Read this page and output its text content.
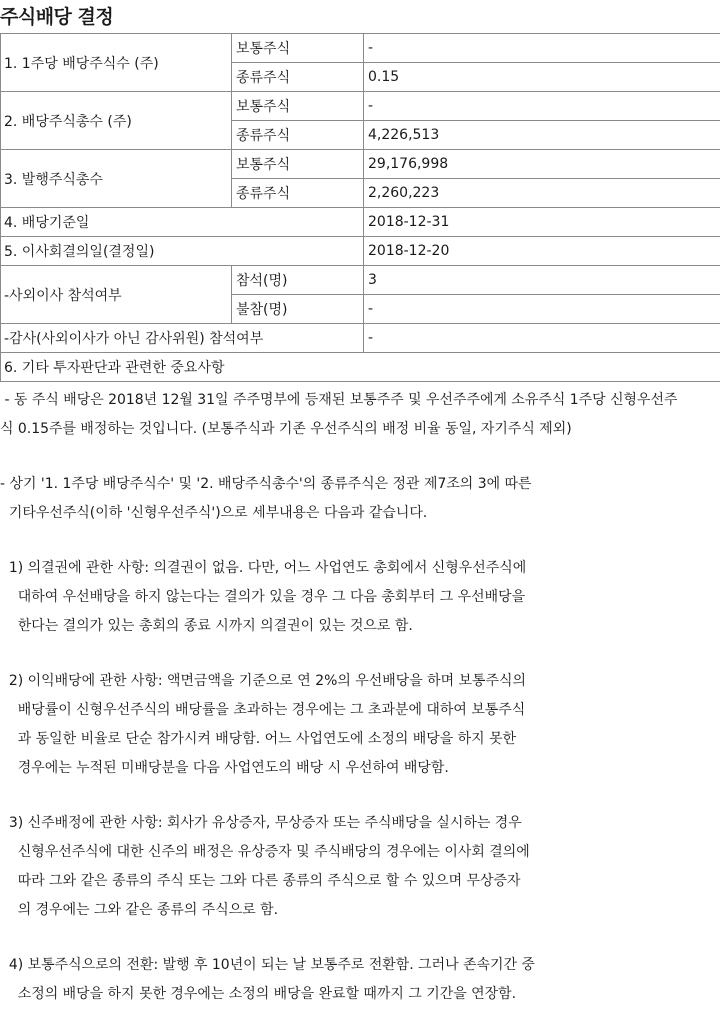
주식배당 결정
1. 1주당 배당주식수 (주)	보통주식	-
	종류주식	0.15
2. 배당주식총수 (주)	보통주식	-
	종류주식	4,226,513
3. 발행주식총수	보통주식	29,176,998
	종류주식	2,260,223
4. 배당기준일		2018-12-31
5. 이사회결의일(결정일)		2018-12-20
-사외이사 참석여부	참석(명)	3
	불참(명)	-
-감사(사외이사가 아닌 감사위원) 참석여부		-
6. 기타 투자판단과 관련한 중요사항		

- 동 주식 배당은 2018년 12월 31일 주주명부에 등재된 보통주주 및 우선주주에게 소유주식 1주당 신형우선주
식 0.15주를 배정하는 것입니다. (보통주식과 기존 우선주식의 배정 비율 동일, 자기주식 제외)

- 상기 '1. 1주당 배당주식수' 및 '2. 배당주식총수'의 종류주식은 정관 제7조의 3에 따른
기타우선주식(이하 '신형우선주식')으로 세부내용은 다음과 같습니다.

1) 의결권에 관한 사항: 의결권이 없음. 다만, 어느 사업연도 총회에서 신형우선주식에
대하여 우선배당을 하지 않는다는 결의가 있을 경우 그 다음 총회부터 그 우선배당을
한다는 결의가 있는 총회의 종료 시까지 의결권이 있는 것으로 함.

2) 이익배당에 관한 사항: 액면금액을 기준으로 연 2%의 우선배당을 하며 보통주식의
배당률이 신형우선주식의 배당률을 초과하는 경우에는 그 초과분에 대하여 보통주식
과 동일한 비율로 단순 참가시켜 배당함. 어느 사업연도에 소정의 배당을 하지 못한
경우에는 누적된 미배당분을 다음 사업연도의 배당 시 우선하여 배당함.

3) 신주배정에 관한 사항: 회사가 유상증자, 무상증자 또는 주식배당을 실시하는 경우
신형우선주식에 대한 신주의 배정은 유상증자 및 주식배당의 경우에는 이사회 결의에
따라 그와 같은 종류의 주식 또는 그와 다른 종류의 주식으로 할 수 있으며 무상증자
의 경우에는 그와 같은 종류의 주식으로 함.

4) 보통주식으로의 전환: 발행 후 10년이 되는 날 보통주로 전환함. 그러나 존속기간 중
소정의 배당을 하지 못한 경우에는 소정의 배당을 완료할 때까지 그 기간을 연장함.
